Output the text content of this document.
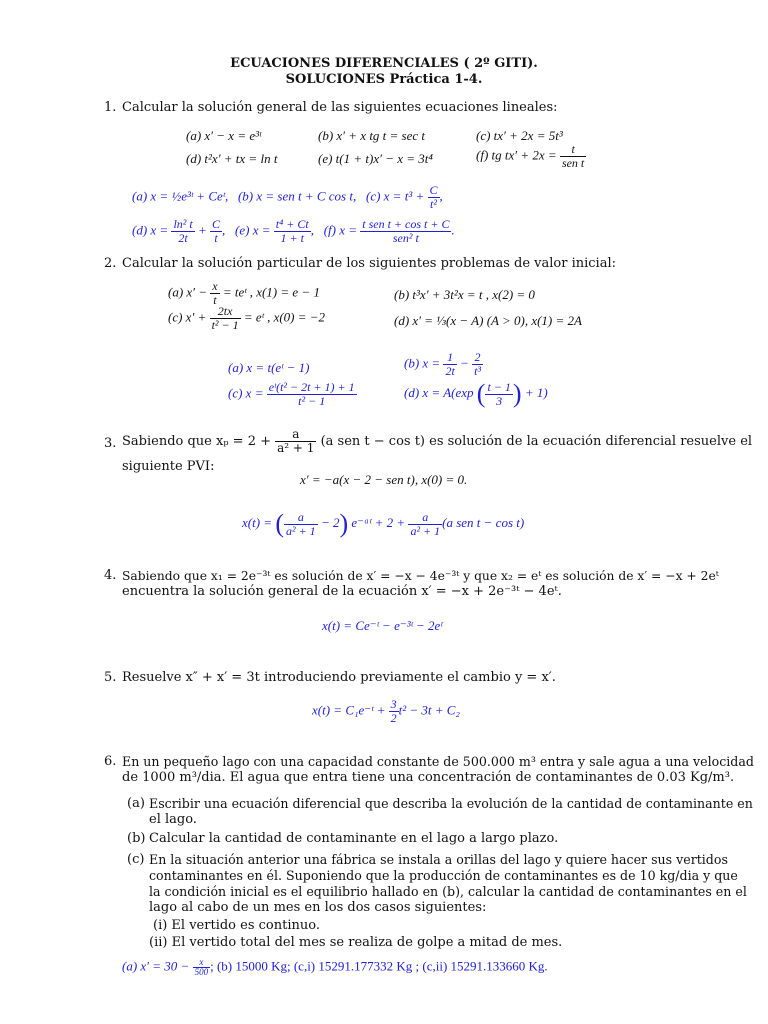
ECUACIONES DIFERENCIALES ( 2º GITI).
SOLUCIONES Práctica 1-4.
1. Calcular la solución general de las siguientes ecuaciones lineales:
(a) x′ − x = e³ᵗ	(b) x′ + x tg t = sec t	(c) tx′ + 2x = 5t³
(d) t²x′ + tx = ln t	(e) t(1 + t)x′ − x = 3t⁴	(f) tg $tx' + 2x = \frac{t}{\text{sen t}}$
(a) x = ½e³ᵗ + Ceᵗ, (b) x = sen t + C cos t, (c) $x = t^3 + \frac{C}{\text{t²}}$ ,
(d) $x = \frac{\text{ln² t}}{2t} + \frac{C}{t}$ ,   (e) $x = \frac{\text{t⁴ + Ct}}{1 + t}$ ,   (f) $x = \frac{\text{t sen t + cos t + C}}{\text{sen² t}}$ .
2. Calcular la solución particular de los siguientes problemas de valor inicial:
(a) $x' - \frac{x}{t}$ = teᵗ , x(1) = e − 1	(b) t³x′ + 3t²x = t , x(2) = 0
(c) $x' + \frac{2tx}{\text{t² − 1}}$ = eᵗ , x(0) = −2	(d) x′ = ⅓(x − A) (A > 0), x(1) = 2A
(a) x = t(eᵗ − 1)	(b) $x = \frac{1}{2t} - \frac{2}{\text{t³}}$
(c) $x = \frac{\text{eᵗ(t² − 2t + 1) + 1}}{\text{t² − 1}}$	(d) x = A(exp ( $\frac{t - 1}{3}$ ) + 1)
3. Sabiendo que $x_p = 2 + \frac{a}{\text{a² + 1}} (a$ sen t − cos t) es solución de la ecuación diferencial resuelve el
siguiente PVI:
x′ = −a(x − 2 − sen t), x(0) = 0.
x(t) = ( $\frac{a}{\text{a² + 1}} - 2$) e⁻ᵃᵗ + $2 + \frac{a}{\text{a² + 1}} (a$ sen t − cos t)
4. Sabiendo que x₁ = 2e⁻³ᵗ es solución de x′ = −x − 4e⁻³ᵗ y que x₂ = eᵗ es solución de x′ = −x + 2eᵗ
encuentra la solución general de la ecuación x′ = −x + 2e⁻³ᵗ − 4eᵗ.
x(t) = Ce⁻ᵗ − e⁻³ᵗ − 2eᵗ
5. Resuelve x″ + x′ = 3t introduciendo previamente el cambio y = x′.
x(t) = C₁e⁻ᵗ + $\frac{3}{2} t^2 - 3t + C_2$
6. En un pequeño lago con una capacidad constante de 500.000 m³ entra y sale agua a una velocidad
de 1000 m³/dia. El agua que entra tiene una concentración de contaminantes de 0.03 Kg/m³.
(a) Escribir una ecuación diferencial que describa la evolución de la cantidad de contaminante en
el lago.
(b) Calcular la cantidad de contaminante en el lago a largo plazo.
(c) En la situación anterior una fábrica se instala a orillas del lago y quiere hacer sus vertidos
contaminantes en él. Suponiendo que la producción de contaminantes es de 10 kg/dia y que
la condición inicial es el equilibrio hallado en (b), calcular la cantidad de contaminantes en el
lago al cabo de un mes en los dos casos siguientes:
(i) El vertido es continuo.
(ii) El vertido total del mes se realiza de golpe a mitad de mes.
(a) $x' = 30 - \frac{x}{500}$ ; (b) 15000 Kg; (c,i) 15291.177332 Kg ; (c,ii) 15291.133660 Kg.
